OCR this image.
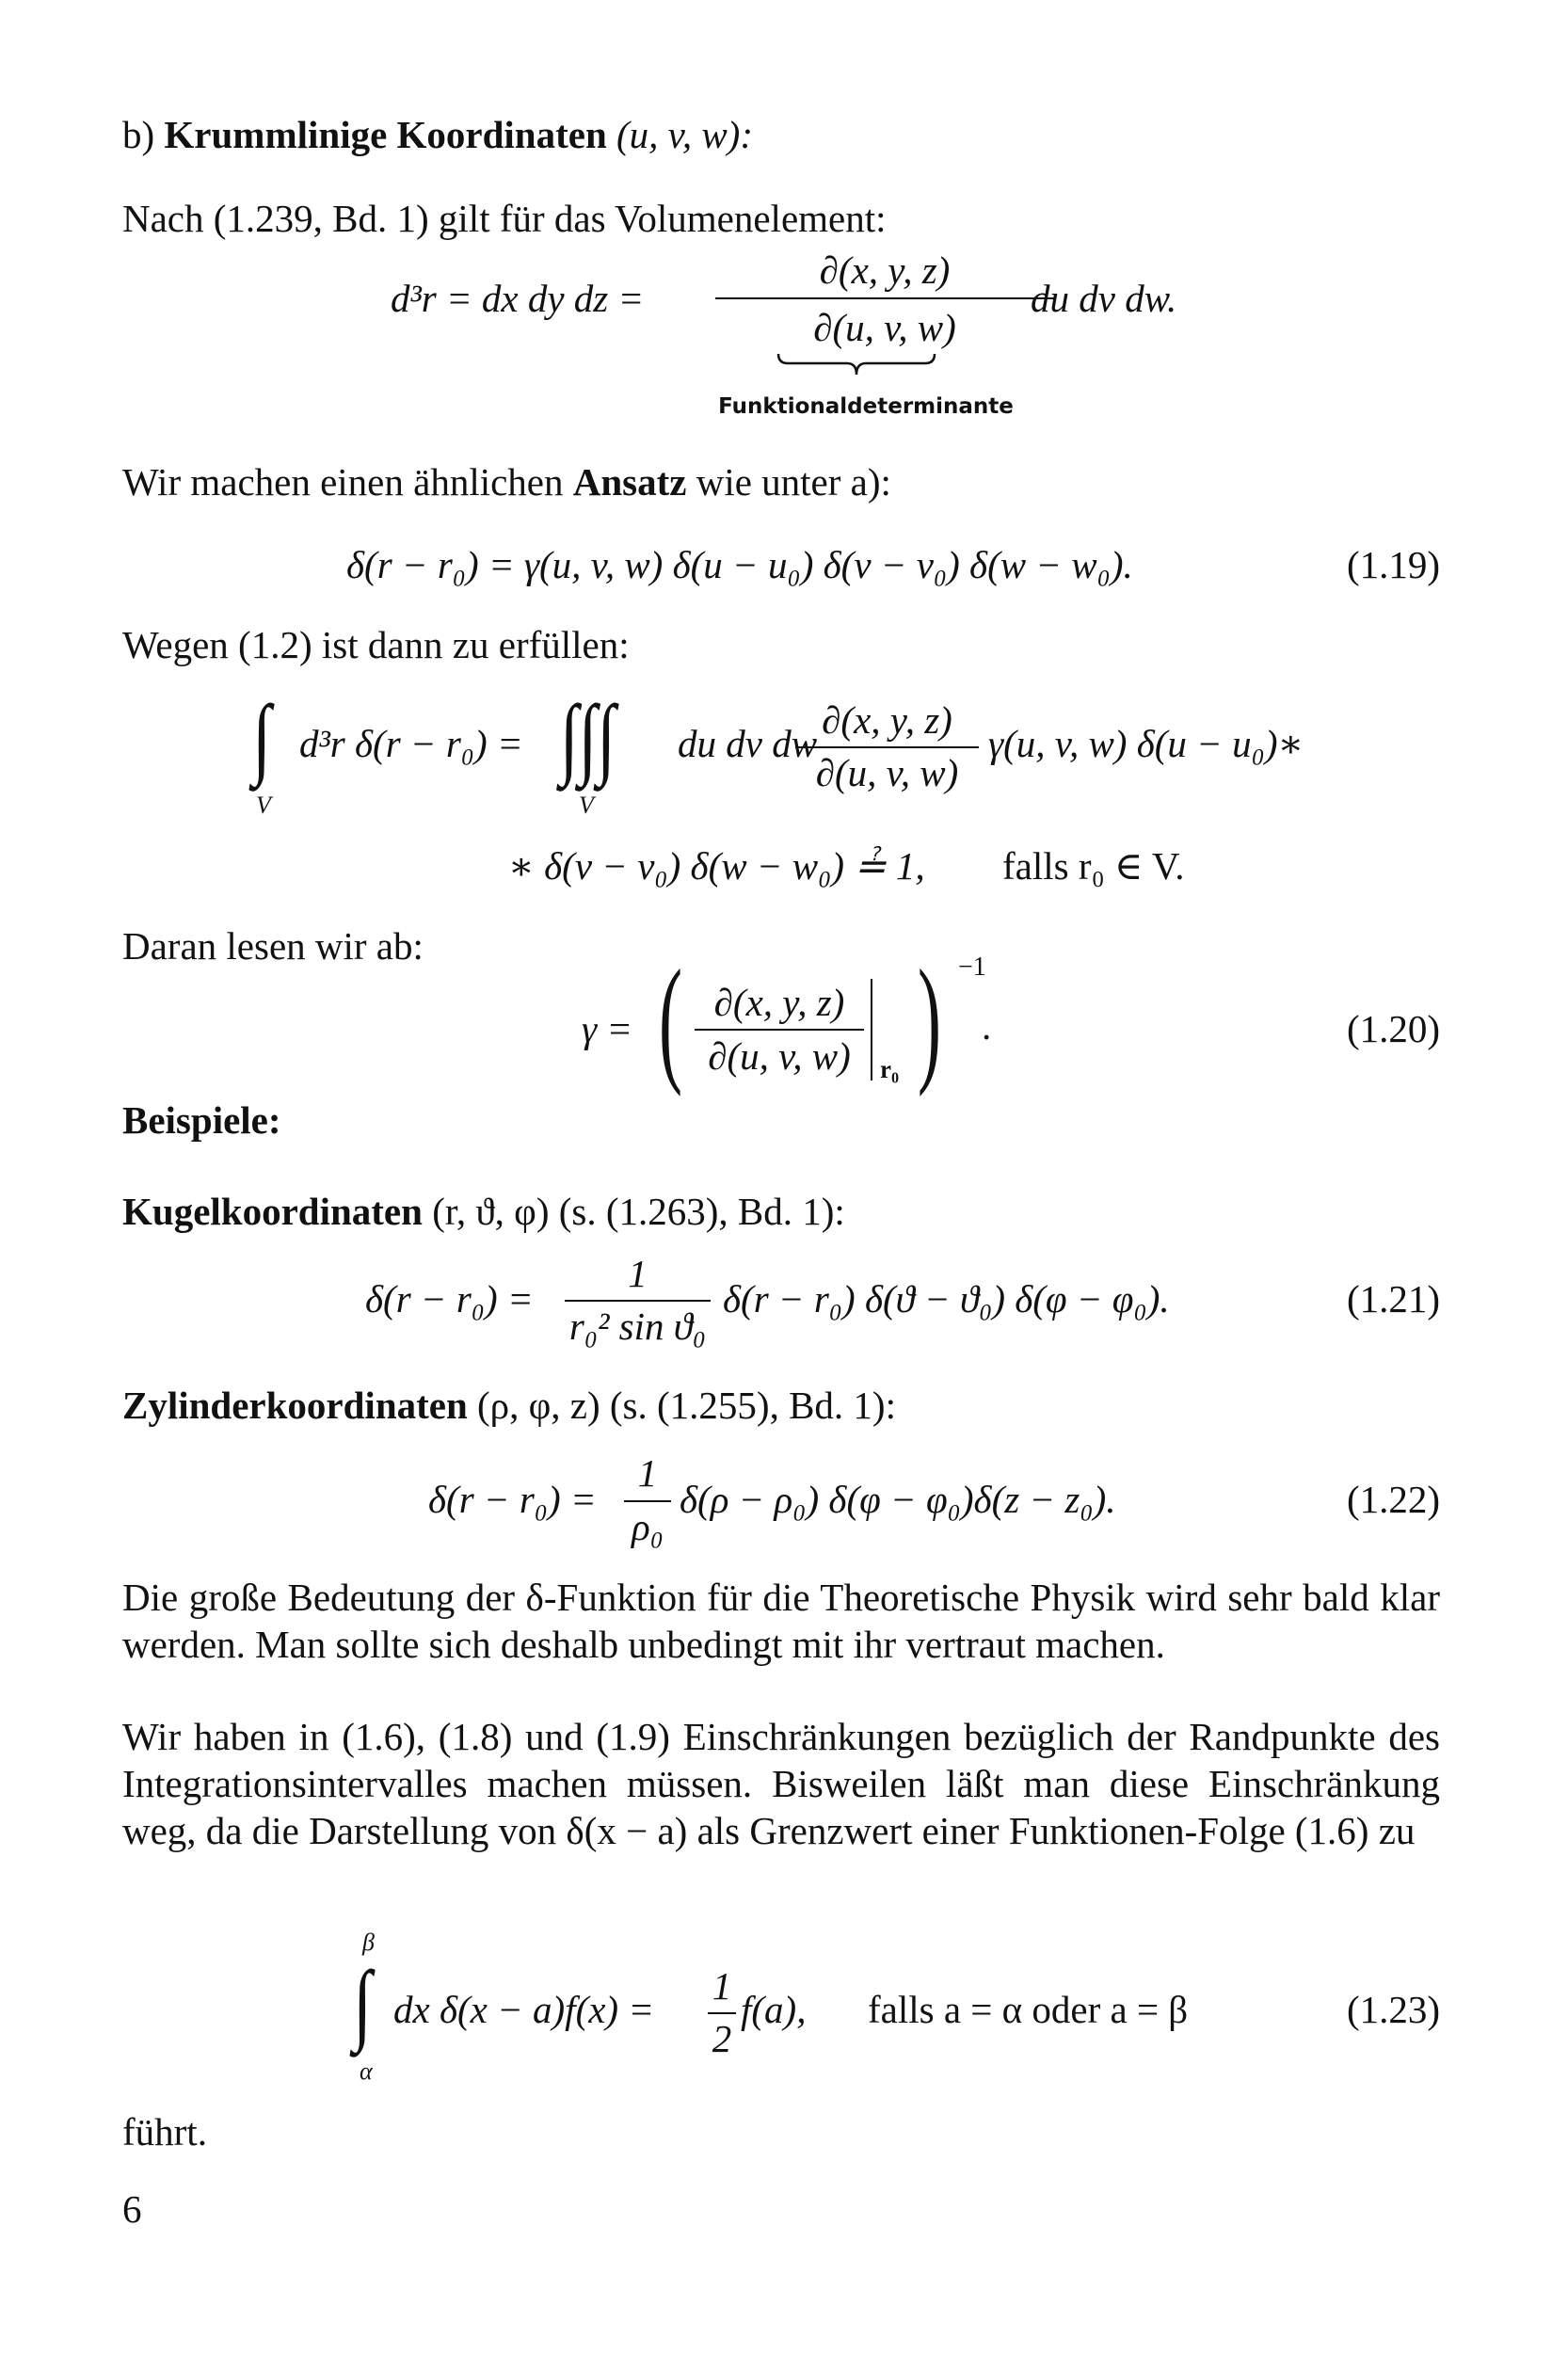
b) Krummlinige Koordinaten (u, v, w):
Nach (1.239, Bd. 1) gilt für das Volumenelement:
d³r = dx dy dz =
∂(x, y, z)
∂(u, v, w)
du dv dw.
Funktionaldeterminante
Wir machen einen ähnlichen Ansatz wie unter a):
δ(r − r₀) = γ(u, v, w) δ(u − u₀) δ(v − v₀) δ(w − w₀).	(1.19)
Wegen (1.2) ist dann zu erfüllen:
∫
V
d³r δ(r − r₀) = ∫∫∫
V
du dv dw
∂(x, y, z)
∂(u, v, w)
γ(u, v, w) δ(u − u₀)∗
∗ δ(v − v₀) δ(w − w₀) ≟ 1, falls r₀ ∈ V.
Daran lesen wir ab:
γ = ( ∂(x, y, z)
∂(u, v, w)	r₀ ) −1
.	(1.20)
Beispiele:
Kugelkoordinaten (r, ϑ, φ) (s. (1.263), Bd. 1):
δ(r − r₀) =
1
r₀² sin ϑ₀
δ(r − r₀) δ(ϑ − ϑ₀) δ(φ − φ₀).	(1.21)
Zylinderkoordinaten (ρ, φ, z) (s. (1.255), Bd. 1):
δ(r − r₀) =
1
ρ₀
δ(ρ − ρ₀) δ(φ − φ₀)δ(z − z₀).	(1.22)
Die große Bedeutung der δ-Funktion für die Theoretische Physik wird sehr bald klar werden. Man sollte sich deshalb unbedingt mit ihr vertraut machen.
Wir haben in (1.6), (1.8) und (1.9) Einschränkungen bezüglich der Randpunkte des Integrationsintervalles machen müssen. Bisweilen läßt man diese Einschränkung weg, da die Darstellung von δ(x − a) als Grenzwert einer Funktionen-Folge (1.6) zu
β
∫
α
dx δ(x − a)f(x) =
1
2
f(a), falls a = α oder a = β	(1.23)
führt.
6
